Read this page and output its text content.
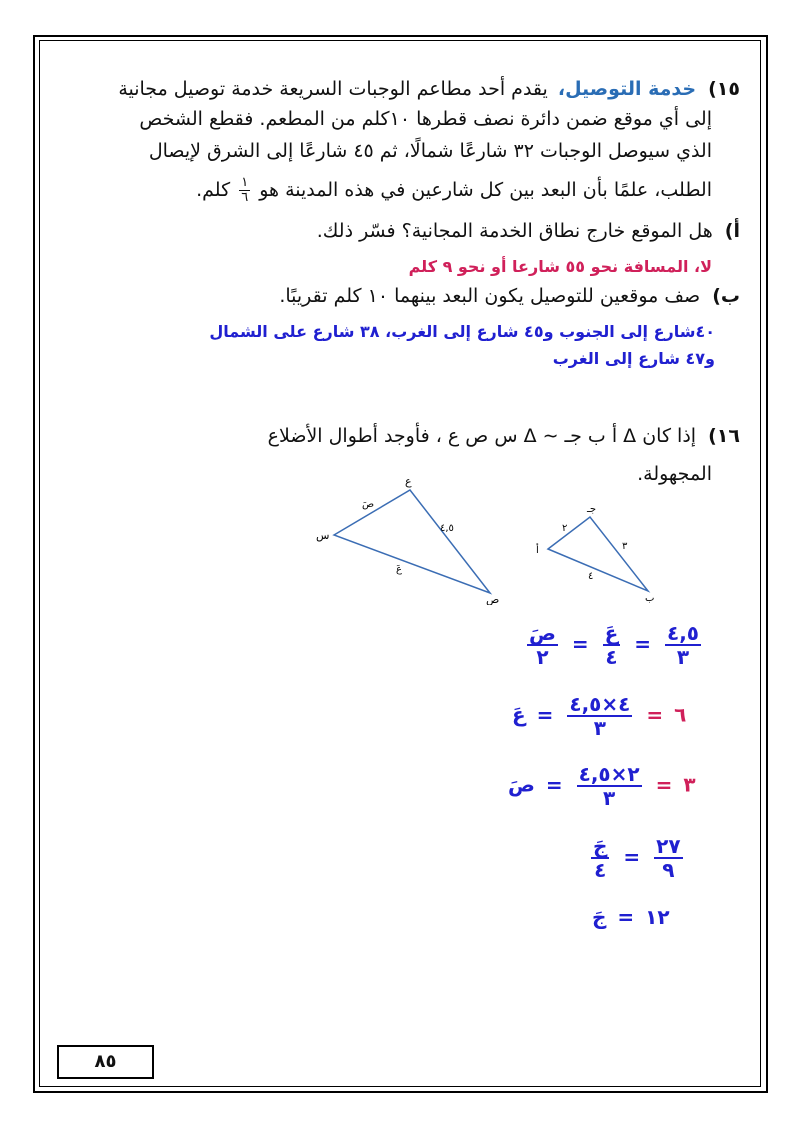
١٥) خدمة التوصيل، يقدم أحد مطاعم الوجبات السريعة خدمة توصيل مجانية
إلى أي موقع ضمن دائرة نصف قطرها ١٠كلم من المطعم. فقطع الشخص
الذي سيوصل الوجبات ٣٢ شارعًا شمالًا، ثم ٤٥ شارعًا إلى الشرق لإيصال
الطلب، علمًا بأن البعد بين كل شارعين في هذه المدينة هو
$\frac{١}{٦}$
كلم.
أ) هل الموقع خارج نطاق الخدمة المجانية؟ فسّر ذلك.
لا، المسافة نحو ٥٥ شارعا أو نحو ٩ كلم
ب) صف موقعين للتوصيل يكون البعد بينهما ١٠ كلم تقريبًا.
٤٠شارع إلى الجنوب و٤٥ شارع إلى الغرب، ٣٨ شارع على الشمال
و٤٧ شارع إلى الغرب
١٦) إذا كان Δ أ ب جـ ∽ Δ س ص ع ، فأوجد أطوال الأضلاع
المجهولة.
س
ع
ص
صَ
٤,٥
عَ
أ
جـ
ب
٢
٣
٤
$\frac{\text{صَ}}{٢} = \frac{\text{عَ}}{٤} = \frac{٤,٥}{٣}$
٦ =
$\frac{٤\times ٤,٥}{٣}$
= عَ
٣ =
$\frac{٢\times ٤,٥}{٣}$
= صَ
$\frac{\text{جَ}}{٤} = \frac{٢٧}{٩}$
١٢ = جَ
٨٥
